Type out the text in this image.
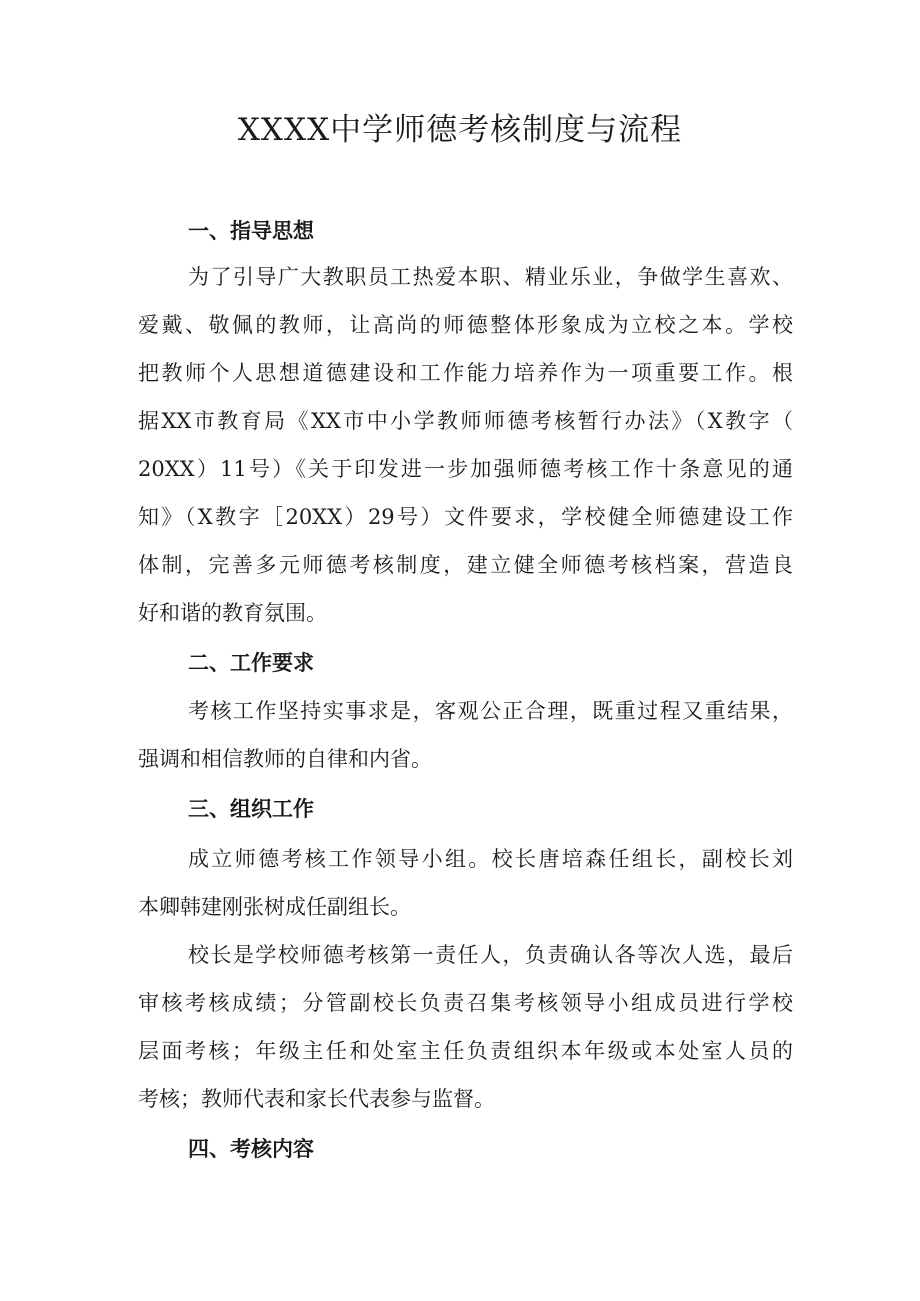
XXXX中学师德考核制度与流程
一、指导思想
为了引导广大教职员工热爱本职、精业乐业，争做学生喜欢、
爱戴、敬佩的教师，让高尚的师德整体形象成为立校之本。学校
把教师个人思想道德建设和工作能力培养作为一项重要工作。根
据XX市教育局《XX市中小学教师师德考核暂行办法》（X教字（
20XX）11号）《关于印发进一步加强师德考核工作十条意见的通
知》（X教字［20XX）29号）文件要求，学校健全师德建设工作
体制，完善多元师德考核制度，建立健全师德考核档案，营造良
好和谐的教育氛围。
二、工作要求
考核工作坚持实事求是，客观公正合理，既重过程又重结果，
强调和相信教师的自律和内省。
三、组织工作
成立师德考核工作领导小组。校长唐培森任组长，副校长刘
本卿韩建刚张树成任副组长。
校长是学校师德考核第一责任人，负责确认各等次人选，最后
审核考核成绩；分管副校长负责召集考核领导小组成员进行学校
层面考核；年级主任和处室主任负责组织本年级或本处室人员的
考核；教师代表和家长代表参与监督。
四、考核内容
